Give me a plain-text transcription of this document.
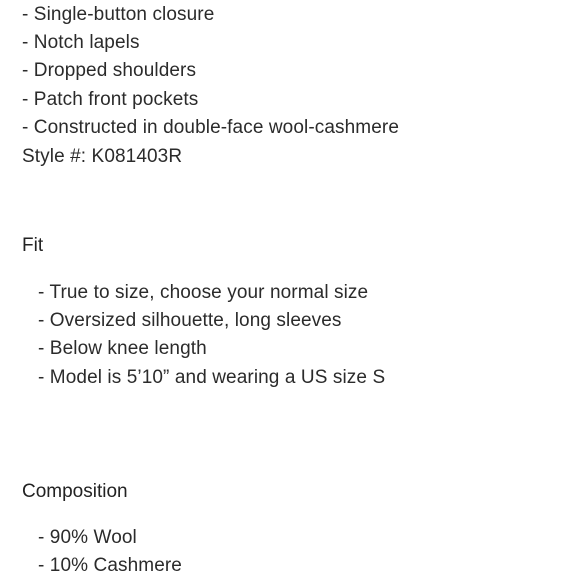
- Single-button closure
- Notch lapels
- Dropped shoulders
- Patch front pockets
- Constructed in double-face wool-cashmere
Style #: K081403R
Fit
- True to size, choose your normal size
- Oversized silhouette, long sleeves
- Below knee length
- Model is 5’10” and wearing a US size S
Composition
- 90% Wool
- 10% Cashmere
